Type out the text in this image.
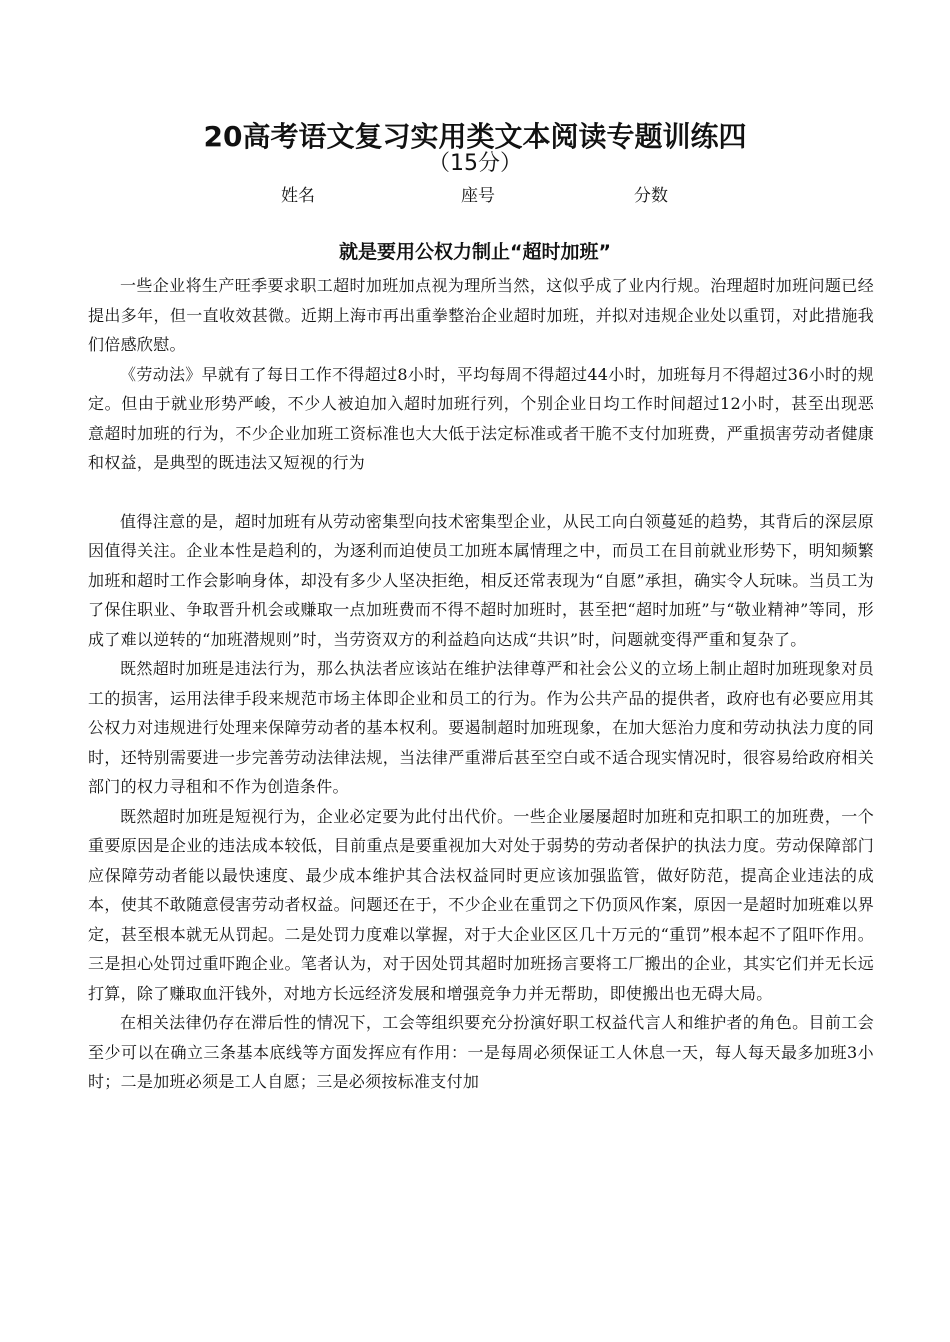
20高考语文复习实用类文本阅读专题训练四
（15分）
姓名	座号	分数
就是要用公权力制止“超时加班”

一些企业将生产旺季要求职工超时加班加点视为理所当然，这似乎成了业内行规。治理超时加班问题已经提出多年，但一直收效甚微。近期上海市再出重拳整治企业超时加班，并拟对违规企业处以重罚，对此措施我们倍感欣慰。

《劳动法》早就有了每日工作不得超过8小时，平均每周不得超过44小时，加班每月不得超过36小时的规定。但由于就业形势严峻，不少人被迫加入超时加班行列，个别企业日均工作时间超过12小时，甚至出现恶意超时加班的行为，不少企业加班工资标准也大大低于法定标准或者干脆不支付加班费，严重损害劳动者健康和权益，是典型的既违法又短视的行为

值得注意的是，超时加班有从劳动密集型向技术密集型企业，从民工向白领蔓延的趋势，其背后的深层原因值得关注。企业本性是趋利的，为逐利而迫使员工加班本属情理之中，而员工在目前就业形势下，明知频繁加班和超时工作会影响身体，却没有多少人坚决拒绝，相反还常表现为“自愿”承担，确实令人玩味。当员工为了保住职业、争取晋升机会或赚取一点加班费而不得不超时加班时，甚至把“超时加班”与“敬业精神”等同，形成了难以逆转的“加班潜规则”时，当劳资双方的利益趋向达成“共识”时，问题就变得严重和复杂了。

既然超时加班是违法行为，那么执法者应该站在维护法律尊严和社会公义的立场上制止超时加班现象对员工的损害，运用法律手段来规范市场主体即企业和员工的行为。作为公共产品的提供者，政府也有必要应用其公权力对违规进行处理来保障劳动者的基本权利。要遏制超时加班现象，在加大惩治力度和劳动执法力度的同时，还特别需要进一步完善劳动法律法规，当法律严重滞后甚至空白或不适合现实情况时，很容易给政府相关部门的权力寻租和不作为创造条件。

既然超时加班是短视行为，企业必定要为此付出代价。一些企业屡屡超时加班和克扣职工的加班费，一个重要原因是企业的违法成本较低，目前重点是要重视加大对处于弱势的劳动者保护的执法力度。劳动保障部门应保障劳动者能以最快速度、最少成本维护其合法权益同时更应该加强监管，做好防范，提高企业违法的成本，使其不敢随意侵害劳动者权益。问题还在于，不少企业在重罚之下仍顶风作案，原因一是超时加班难以界定，甚至根本就无从罚起。二是处罚力度难以掌握，对于大企业区区几十万元的“重罚”根本起不了阻吓作用。三是担心处罚过重吓跑企业。笔者认为，对于因处罚其超时加班扬言要将工厂搬出的企业，其实它们并无长远打算，除了赚取血汗钱外，对地方长远经济发展和增强竞争力并无帮助，即使搬出也无碍大局。

在相关法律仍存在滞后性的情况下，工会等组织要充分扮演好职工权益代言人和维护者的角色。目前工会至少可以在确立三条基本底线等方面发挥应有作用：一是每周必须保证工人休息一天，每人每天最多加班3小时；二是加班必须是工人自愿；三是必须按标准支付加
